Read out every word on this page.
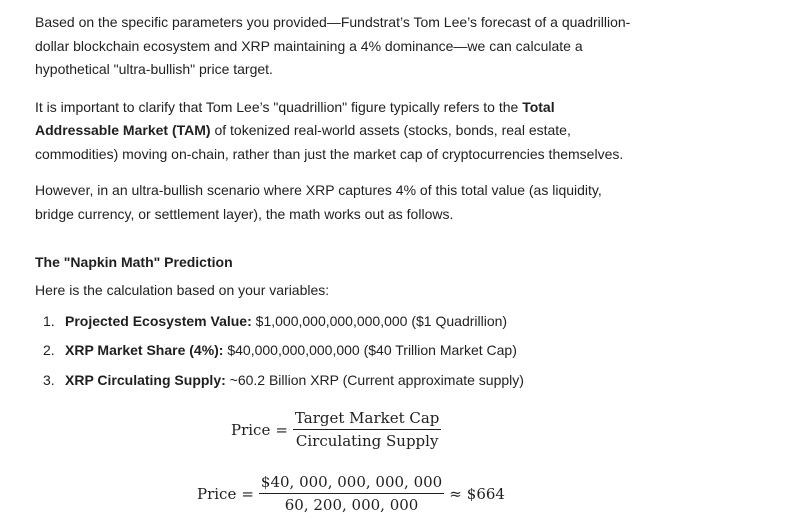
Based on the specific parameters you provided—Fundstrat’s Tom Lee’s forecast of a quadrillion-dollar blockchain ecosystem and XRP maintaining a 4% dominance—we can calculate a hypothetical "ultra-bullish" price target.

It is important to clarify that Tom Lee’s "quadrillion" figure typically refers to the Total Addressable Market (TAM) of tokenized real-world assets (stocks, bonds, real estate, commodities) moving on-chain, rather than just the market cap of cryptocurrencies themselves.

However, in an ultra-bullish scenario where XRP captures 4% of this total value (as liquidity, bridge currency, or settlement layer), the math works out as follows.

The "Napkin Math" Prediction

Here is the calculation based on your variables:

1. Projected Ecosystem Value: $1,000,000,000,000,000 ($1 Quadrillion)
2. XRP Market Share (4%): $40,000,000,000,000 ($40 Trillion Market Cap)
3. XRP Circulating Supply: ~60.2 Billion XRP (Current approximate supply)
Price = $\frac{\text{Target Market Cap}}{\text{Circulating Supply}}$
Price = $\frac{\$40, 000, 000, 000, 000}{60, 200, 000, 000}$ ≈ $664
